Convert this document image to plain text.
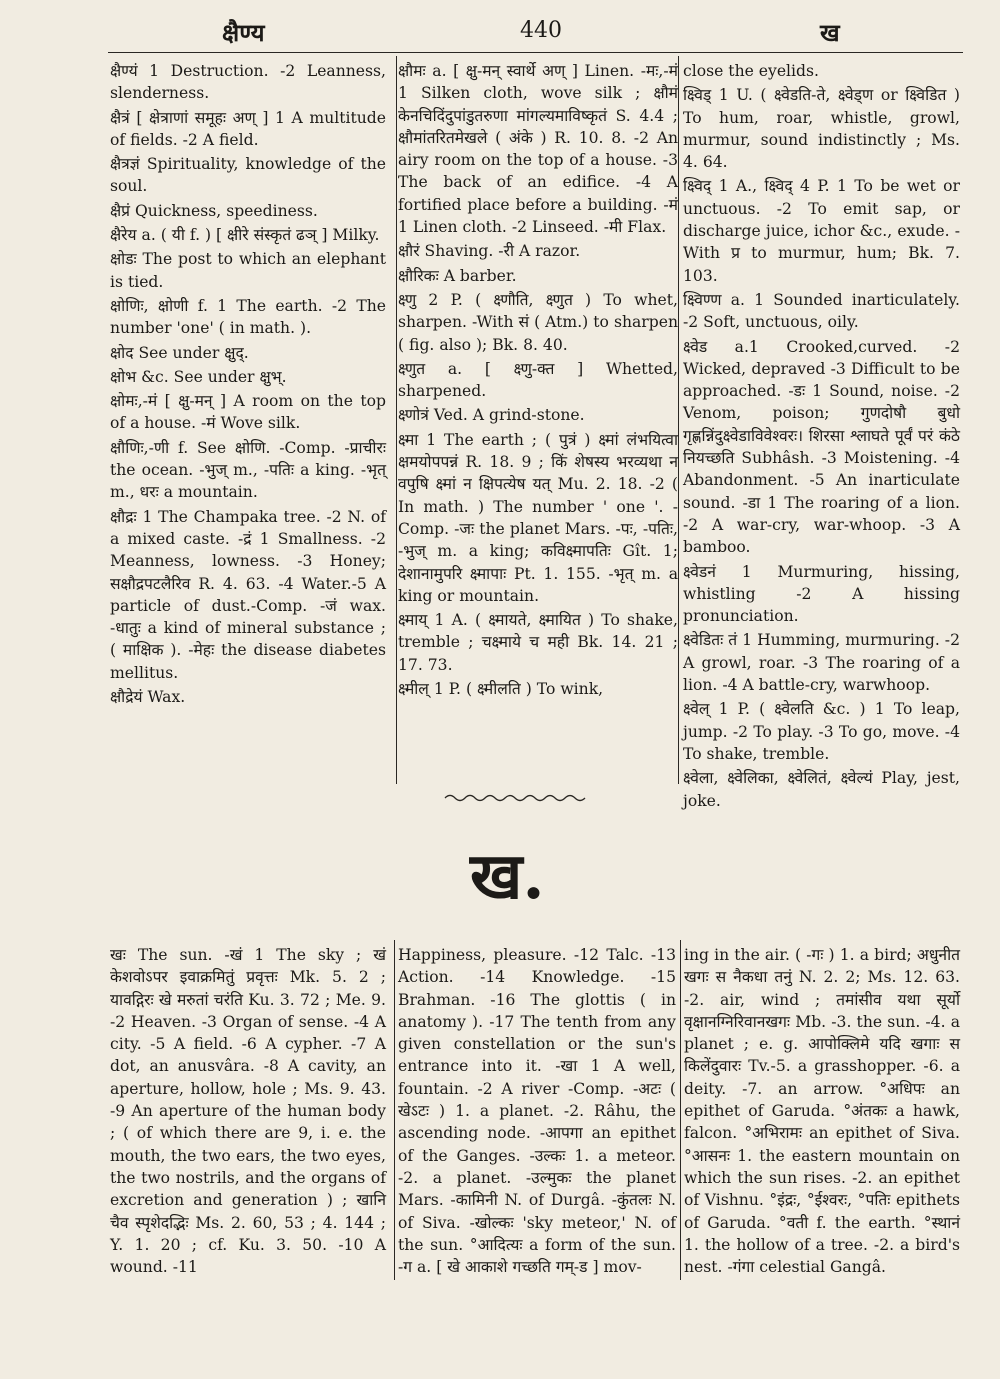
क्षैण्य	440	ख

क्षैण्यं 1 Destruction. -2 Leanness, slenderness.

क्षैत्रं [ क्षेत्राणां समूहः अण् ] 1 A multitude of fields. -2 A field.

क्षैत्रज्ञं Spirituality, knowledge of the soul.

क्षैप्रं Quickness, speediness.

क्षैरेय a. ( यी f. ) [ क्षीरे संस्कृतं ढञ् ] Milky.

क्षोडः The post to which an elephant is tied.

क्षोणिः, क्षोणी f. 1 The earth. -2 The number 'one' ( in math. ).

क्षोद See under क्षुद्.

क्षोभ &c. See under क्षुभ्.

क्षोमः,-मं [ क्षु-मन् ] A room on the top of a house. -मं Wove silk.

क्षौणिः,-णी f. See क्षोणि. -Comp. -प्राचीरः the ocean. -भुज् m., -पतिः a king. -भृत् m., धरः a mountain.

क्षौद्रः 1 The Champaka tree. -2 N. of a mixed caste. -द्रं 1 Smallness. -2 Meanness, lowness. -3 Honey; सक्षौद्रपटलैरिव R. 4. 63. -4 Water.-5 A particle of dust.-Comp. -जं wax. -धातुः a kind of mineral substance ; ( माक्षिक ). -मेहः the disease diabetes mellitus.

क्षौद्रेयं Wax.

क्षौमः a. [ क्षु-मन् स्वार्थे अण् ] Linen. -मः,-मं 1 Silken cloth, wove silk ; क्षौमं केनचिदिंदुपांडुतरुणा मांगल्यमाविष्कृतं S. 4.4 ; क्षौमांतरितमेखले ( अंके ) R. 10. 8. -2 An airy room on the top of a house. -3 The back of an edifice. -4 A fortified place before a building. -मं 1 Linen cloth. -2 Linseed. -मी Flax.

क्षौरं Shaving. -री A razor.

क्षौरिकः A barber.

क्ष्णु 2 P. ( क्ष्णौति, क्ष्णुत ) To whet, sharpen. -With सं ( Atm.) to sharpen ( fig. also ); Bk. 8. 40.

क्ष्णुत a. [ क्ष्णु-क्त ] Whetted, sharpened.

क्ष्णोत्रं Ved. A grind-stone.

क्ष्मा 1 The earth ; ( पुत्रं ) क्ष्मां लंभयित्वा क्षमयोपपन्नं R. 18. 9 ; किं शेषस्य भरव्यथा न वपुषि क्ष्मां न क्षिपत्येष यत् Mu. 2. 18. -2 ( In math. ) The number ' one '. -Comp. -जः the planet Mars. -पः, -पतिः, -भुज् m. a king; कविक्ष्मापतिः Gît. 1; देशानामुपरि क्ष्मापाः Pt. 1. 155. -भृत् m. a king or mountain.

क्ष्माय् 1 A. ( क्ष्मायते, क्ष्मायित ) To shake, tremble ; चक्ष्माये च मही Bk. 14. 21 ; 17. 73.

क्ष्मील् 1 P. ( क्ष्मीलति ) To wink,

close the eyelids.

क्ष्विड् 1 U. ( क्ष्वेडति-ते, क्ष्वेड्ण or क्ष्विडित ) To hum, roar, whistle, growl, murmur, sound indistinctly ; Ms. 4. 64.

क्ष्विद् 1 A., क्ष्विद् 4 P. 1 To be wet or unctuous. -2 To emit sap, or discharge juice, ichor &c., exude. -With प्र to murmur, hum; Bk. 7. 103.

क्ष्विण्ण a. 1 Sounded inarticulately. -2 Soft, unctuous, oily.

क्ष्वेड a.1 Crooked,curved. -2 Wicked, depraved -3 Difficult to be approached. -डः 1 Sound, noise. -2 Venom, poison; गुणदोषौ बुधो गृह्णन्निंदुक्ष्वेडाविवेश्वरः। शिरसा श्लाघते पूर्वं परं कंठे नियच्छति Subhâsh. -3 Moistening. -4 Abandonment. -5 An inarticulate sound. -डा 1 The roaring of a lion. -2 A war-cry, war-whoop. -3 A bamboo.

क्ष्वेडनं 1 Murmuring, hissing, whistling -2 A hissing pronunciation.

क्ष्वेडितः तं 1 Humming, murmuring. -2 A growl, roar. -3 The roaring of a lion. -4 A battle-cry, warwhoop.

क्ष्वेल् 1 P. ( क्ष्वेलति &c. ) 1 To leap, jump. -2 To play. -3 To go, move. -4 To shake, tremble.

क्ष्वेला, क्ष्वेलिका, क्ष्वेलितं, क्ष्वेल्यं Play, jest, joke.

ख.

खः The sun. -खं 1 The sky ; खं केशवोऽपर इवाक्रमितुं प्रवृत्तः Mk. 5. 2 ; यावद्गिरः खे मरुतां चरंति Ku. 3. 72 ; Me. 9. -2 Heaven. -3 Organ of sense. -4 A city. -5 A field. -6 A cypher. -7 A dot, an anusvâra. -8 A cavity, an aperture, hollow, hole ; Ms. 9. 43. -9 An aperture of the human body ; ( of which there are 9, i. e. the mouth, the two ears, the two eyes, the two nostrils, and the organs of excretion and generation ) ; खानि चैव स्पृशेदद्भिः Ms. 2. 60, 53 ; 4. 144 ; Y. 1. 20 ; cf. Ku. 3. 50. -10 A wound. -11

Happiness, pleasure. -12 Talc. -13 Action. -14 Knowledge. -15 Brahman. -16 The glottis ( in anatomy ). -17 The tenth from any given constellation or the sun's entrance into it. -खा 1 A well, fountain. -2 A river -Comp. -अटः ( खेऽटः ) 1. a planet. -2. Râhu, the ascending node. -आपगा an epithet of the Ganges. -उल्कः 1. a meteor. -2. a planet. -उल्मुकः the planet Mars. -कामिनी N. of Durgâ. -कुंतलः N. of Siva. -खोल्कः 'sky meteor,' N. of the sun. °आदित्यः a form of the sun. -ग a. [ खे आकाशे गच्छति गम्-ड ] mov-

ing in the air. ( -गः ) 1. a bird; अधुनीत खगः स नैकधा तनुं N. 2. 2; Ms. 12. 63. -2. air, wind ; तमांसीव यथा सूर्यो वृक्षानग्निरिवानखगः Mb. -3. the sun. -4. a planet ; e. g. आपोक्लिमे यदि खगाः स किलेंदुवारः Tv.-5. a grasshopper. -6. a deity. -7. an arrow. °अधिपः an epithet of Garuda. °अंतकः a hawk, falcon. °अभिरामः an epithet of Siva. °आसनः 1. the eastern mountain on which the sun rises. -2. an epithet of Vishnu. °इंद्रः, °ईश्वरः, °पतिः epithets of Garuda. °वती f. the earth. °स्थानं 1. the hollow of a tree. -2. a bird's nest. -गंगा celestial Gangâ.
